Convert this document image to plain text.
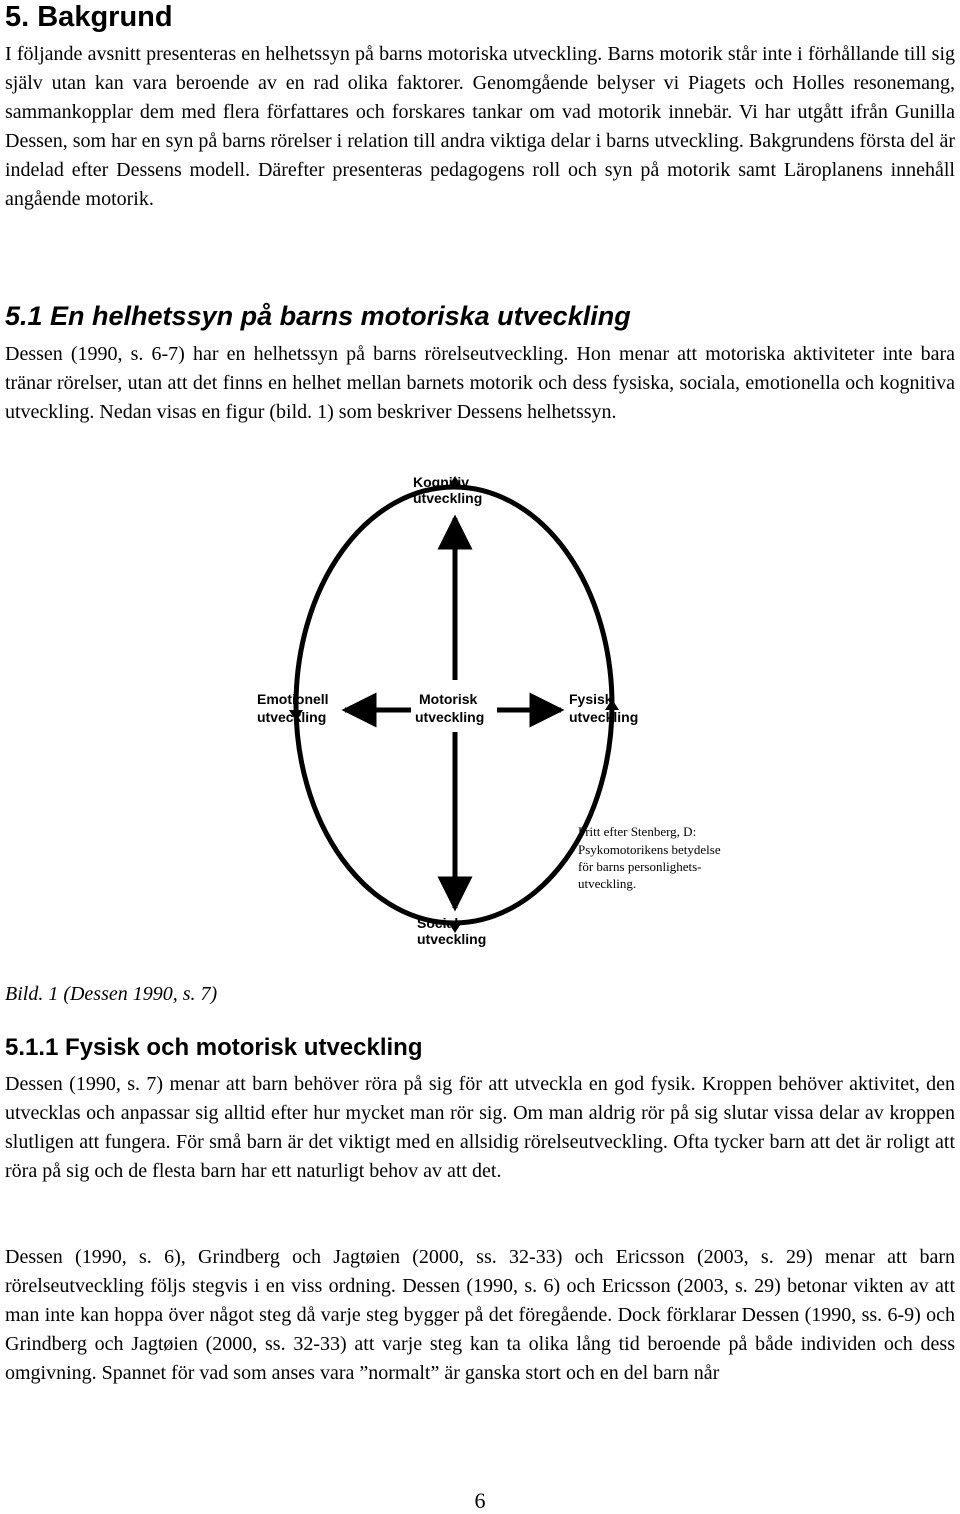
5. Bakgrund

I följande avsnitt presenteras en helhetssyn på barns motoriska utveckling. Barns motorik står inte i förhållande till sig själv utan kan vara beroende av en rad olika faktorer. Genomgående belyser vi Piagets och Holles resonemang, sammankopplar dem med flera författares och forskares tankar om vad motorik innebär. Vi har utgått ifrån Gunilla Dessen, som har en syn på barns rörelser i relation till andra viktiga delar i barns utveckling. Bakgrundens första del är indelad efter Dessens modell. Därefter presenteras pedagogens roll och syn på motorik samt Läroplanens innehåll angående motorik.

5.1 En helhetssyn på barns motoriska utveckling

Dessen (1990, s. 6-7) har en helhetssyn på barns rörelseutveckling. Hon menar att motoriska aktiviteter inte bara tränar rörelser, utan att det finns en helhet mellan barnets motorik och dess fysiska, sociala, emotionella och kognitiva utveckling. Nedan visas en figur (bild. 1) som beskriver Dessens helhetssyn.

Kognitiv
utveckling
Emotionell
utveckling
Motorisk
utveckling
Fysisk
utveckling
Social
utveckling
Fritt efter Stenberg, D:
Psykomotorikens betydelse
för barns personlighets-
utveckling.
Bild. 1 (Dessen 1990, s. 7)
5.1.1 Fysisk och motorisk utveckling

Dessen (1990, s. 7) menar att barn behöver röra på sig för att utveckla en god fysik. Kroppen behöver aktivitet, den utvecklas och anpassar sig alltid efter hur mycket man rör sig. Om man aldrig rör på sig slutar vissa delar av kroppen slutligen att fungera. För små barn är det viktigt med en allsidig rörelseutveckling. Ofta tycker barn att det är roligt att röra på sig och de flesta barn har ett naturligt behov av att det.

Dessen (1990, s. 6), Grindberg och Jagtøien (2000, ss. 32-33) och Ericsson (2003, s. 29) menar att barn rörelseutveckling följs stegvis i en viss ordning. Dessen (1990, s. 6) och Ericsson (2003, s. 29) betonar vikten av att man inte kan hoppa över något steg då varje steg bygger på det föregående. Dock förklarar Dessen (1990, ss. 6-9) och Grindberg och Jagtøien (2000, ss. 32-33) att varje steg kan ta olika lång tid beroende på både individen och dess omgivning. Spannet för vad som anses vara ”normalt” är ganska stort och en del barn når

6
